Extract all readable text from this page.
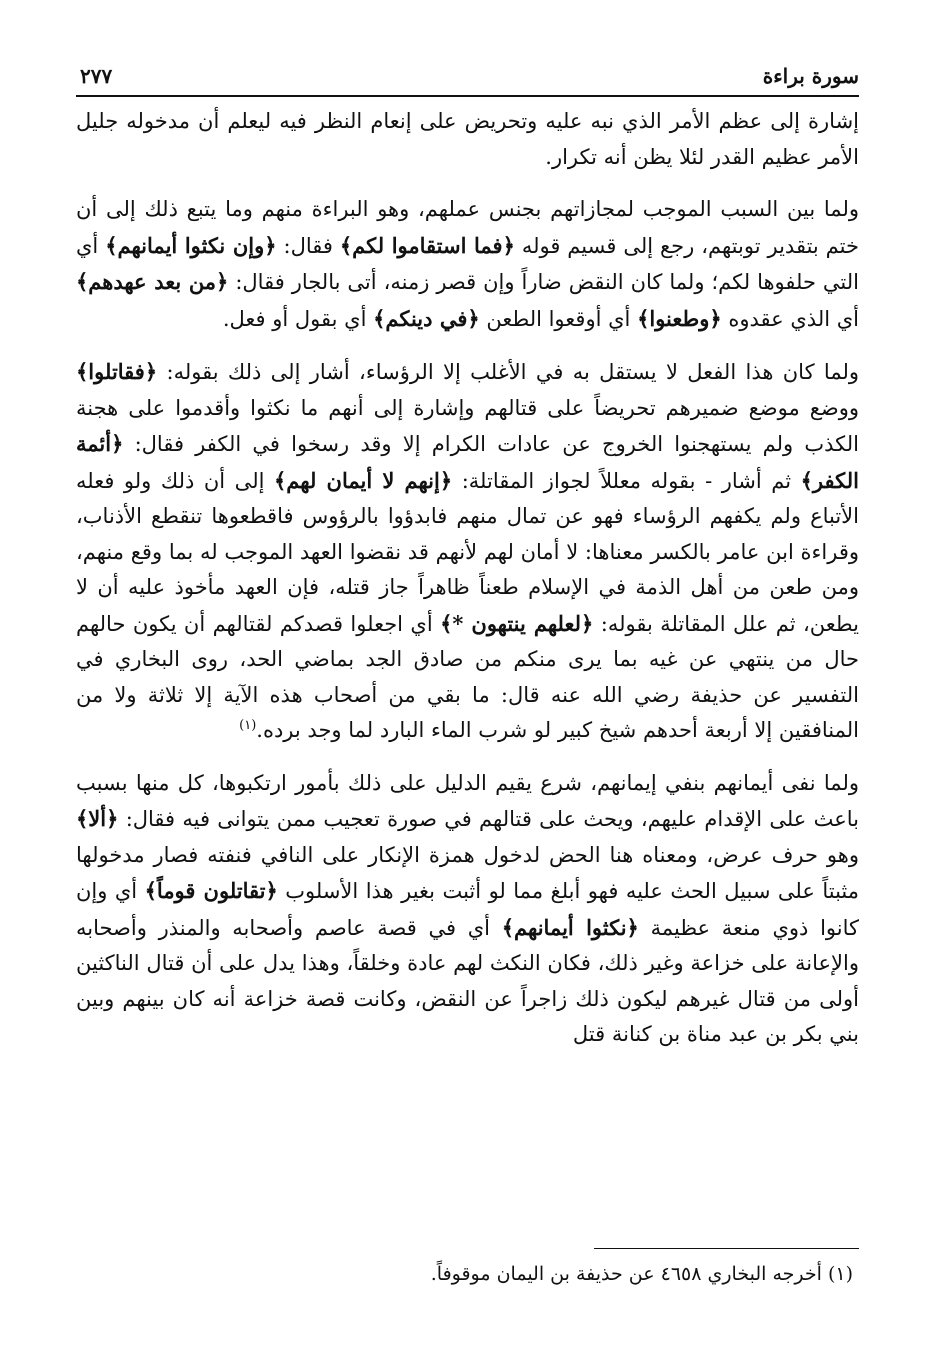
سورة براءة
٢٧٧

إشارة إلى عظم الأمر الذي نبه عليه وتحريض على إنعام النظر فيه ليعلم أن مدخوله جليل الأمر عظيم القدر لئلا يظن أنه تكرار.

ولما بين السبب الموجب لمجازاتهم بجنس عملهم، وهو البراءة منهم وما يتبع ذلك إلى أن ختم بتقدير توبتهم، رجع إلى قسيم قوله ﴿فما استقاموا لكم﴾ فقال: ﴿وإن نكثوا أيمانهم﴾ أي التي حلفوها لكم؛ ولما كان النقض ضاراً وإن قصر زمنه، أتى بالجار فقال: ﴿من بعد عهدهم﴾ أي الذي عقدوه ﴿وطعنوا﴾ أي أوقعوا الطعن ﴿في دينكم﴾ أي بقول أو فعل.

ولما كان هذا الفعل لا يستقل به في الأغلب إلا الرؤساء، أشار إلى ذلك بقوله: ﴿فقاتلوا﴾ ووضع موضع ضميرهم تحريضاً على قتالهم وإشارة إلى أنهم ما نكثوا وأقدموا على هجنة الكذب ولم يستهجنوا الخروج عن عادات الكرام إلا وقد رسخوا في الكفر فقال: ﴿أئمة الكفر﴾ ثم أشار - بقوله معللاً لجواز المقاتلة: ﴿إنهم لا أيمان لهم﴾ إلى أن ذلك ولو فعله الأتباع ولم يكفهم الرؤساء فهو عن تمال منهم فابدؤوا بالرؤوس فاقطعوها تنقطع الأذناب، وقراءة ابن عامر بالكسر معناها: لا أمان لهم لأنهم قد نقضوا العهد الموجب له بما وقع منهم، ومن طعن من أهل الذمة في الإسلام طعناً ظاهراً جاز قتله، فإن العهد مأخوذ عليه أن لا يطعن، ثم علل المقاتلة بقوله: ﴿لعلهم ينتهون *﴾ أي اجعلوا قصدكم لقتالهم أن يكون حالهم حال من ينتهي عن غيه بما يرى منكم من صادق الجد بماضي الحد، روى البخاري في التفسير عن حذيفة رضي الله عنه قال: ما بقي من أصحاب هذه الآية إلا ثلاثة ولا من المنافقين إلا أربعة أحدهم شيخ كبير لو شرب الماء البارد لما وجد برده.$^{(١)}$

ولما نفى أيمانهم بنفي إيمانهم، شرع يقيم الدليل على ذلك بأمور ارتكبوها، كل منها بسبب باعث على الإقدام عليهم، ويحث على قتالهم في صورة تعجيب ممن يتوانى فيه فقال: ﴿ألا﴾ وهو حرف عرض، ومعناه هنا الحض لدخول همزة الإنكار على النافي فنفته فصار مدخولها مثبتاً على سبيل الحث عليه فهو أبلغ مما لو أثبت بغير هذا الأسلوب ﴿تقاتلون قوماً﴾ أي وإن كانوا ذوي منعة عظيمة ﴿نكثوا أيمانهم﴾ أي في قصة عاصم وأصحابه والمنذر وأصحابه والإعانة على خزاعة وغير ذلك، فكان النكث لهم عادة وخلقاً، وهذا يدل على أن قتال الناكثين أولى من قتال غيرهم ليكون ذلك زاجراً عن النقض، وكانت قصة خزاعة أنه كان بينهم وبين بني بكر بن عبد مناة بن كنانة قتل

(١) أخرجه البخاري ٤٦٥٨ عن حذيفة بن اليمان موقوفاً.
